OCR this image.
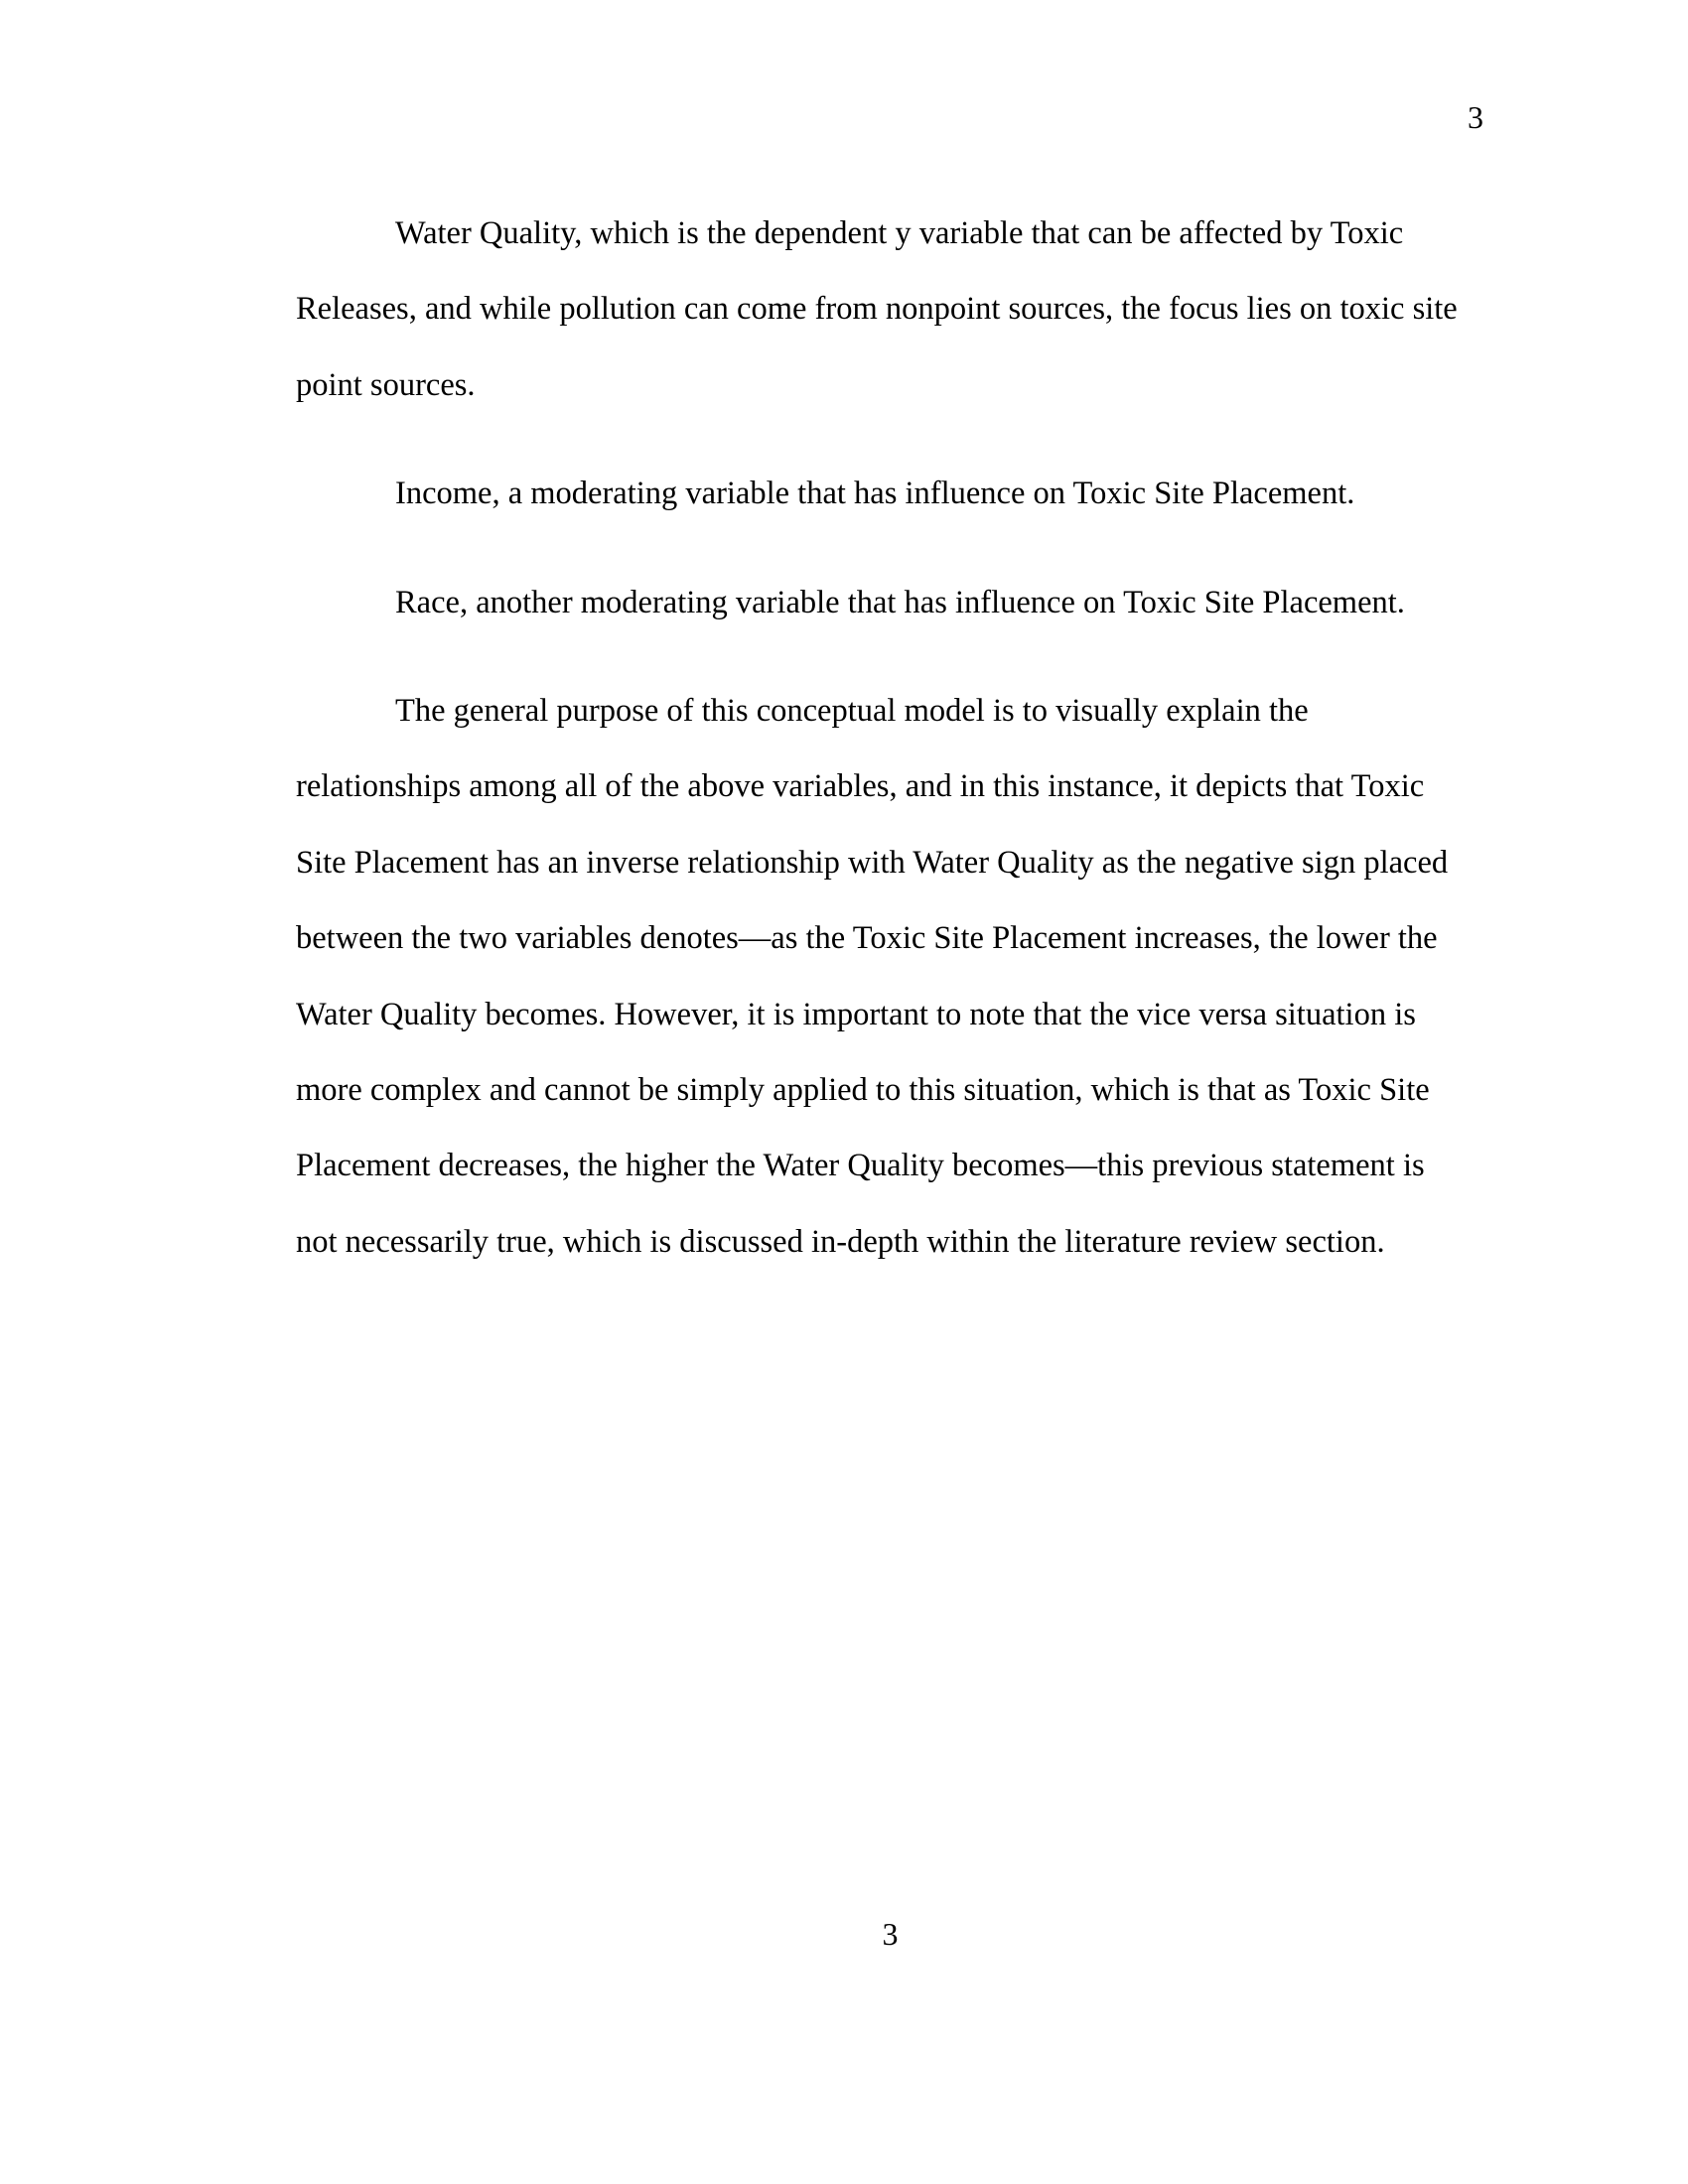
3

Water Quality, which is the dependent y variable that can be affected by Toxic
Releases, and while pollution can come from nonpoint sources, the focus lies on toxic site
point sources.

Income, a moderating variable that has influence on Toxic Site Placement.

Race, another moderating variable that has influence on Toxic Site Placement.

The general purpose of this conceptual model is to visually explain the
relationships among all of the above variables, and in this instance, it depicts that Toxic
Site Placement has an inverse relationship with Water Quality as the negative sign placed
between the two variables denotes—as the Toxic Site Placement increases, the lower the
Water Quality becomes. However, it is important to note that the vice versa situation is
more complex and cannot be simply applied to this situation, which is that as Toxic Site
Placement decreases, the higher the Water Quality becomes—this previous statement is
not necessarily true, which is discussed in-depth within the literature review section.

3
